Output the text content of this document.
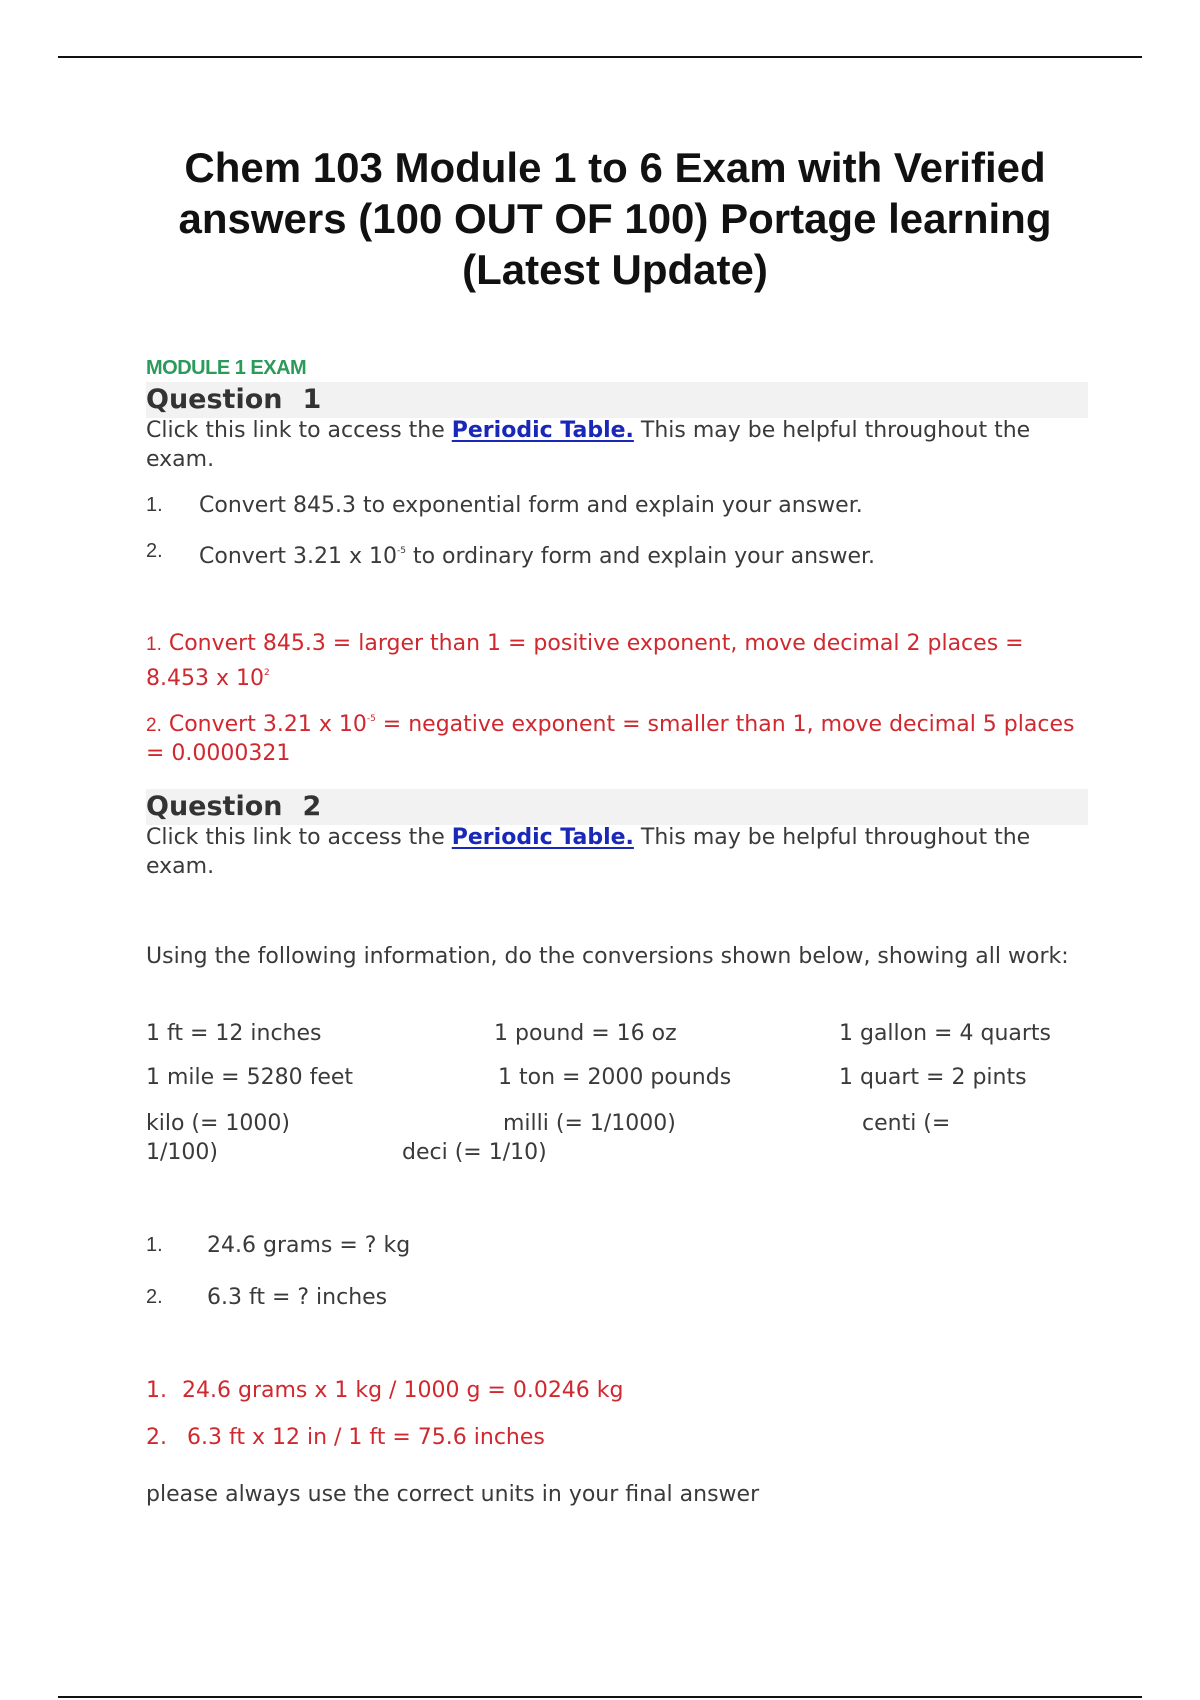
Chem 103 Module 1 to 6 Exam with Verified answers (100 OUT OF 100) Portage learning (Latest Update)
MODULE 1 EXAM
Question 1
Click this link to access the Periodic Table. This may be helpful throughout the exam.
1. Convert 845.3 to exponential form and explain your answer.
2. Convert 3.21 x $10^{-5}$ to ordinary form and explain your answer.
1. Convert 845.3 = larger than 1 = positive exponent, move decimal 2 places = 8.453 x $10^2$
2. Convert 3.21 x $10^{-5}$ = negative exponent = smaller than 1, move decimal 5 places = 0.0000321
Question 2
Click this link to access the Periodic Table. This may be helpful throughout the exam.
Using the following information, do the conversions shown below, showing all work:
1 ft = 12 inches	1 pound = 16 oz	1 gallon = 4 quarts
1 mile = 5280 feet	1 ton = 2000 pounds	1 quart = 2 pints
kilo (= 1000)	milli (= 1/1000)	centi (=
1/100)	deci (= 1/10)
1. 24.6 grams = ? kg
2. 6.3 ft = ? inches
1. 24.6 grams x 1 kg / 1000 g = 0.0246 kg
2. 6.3 ft x 12 in / 1 ft = 75.6 inches
please always use the correct units in your final answer
